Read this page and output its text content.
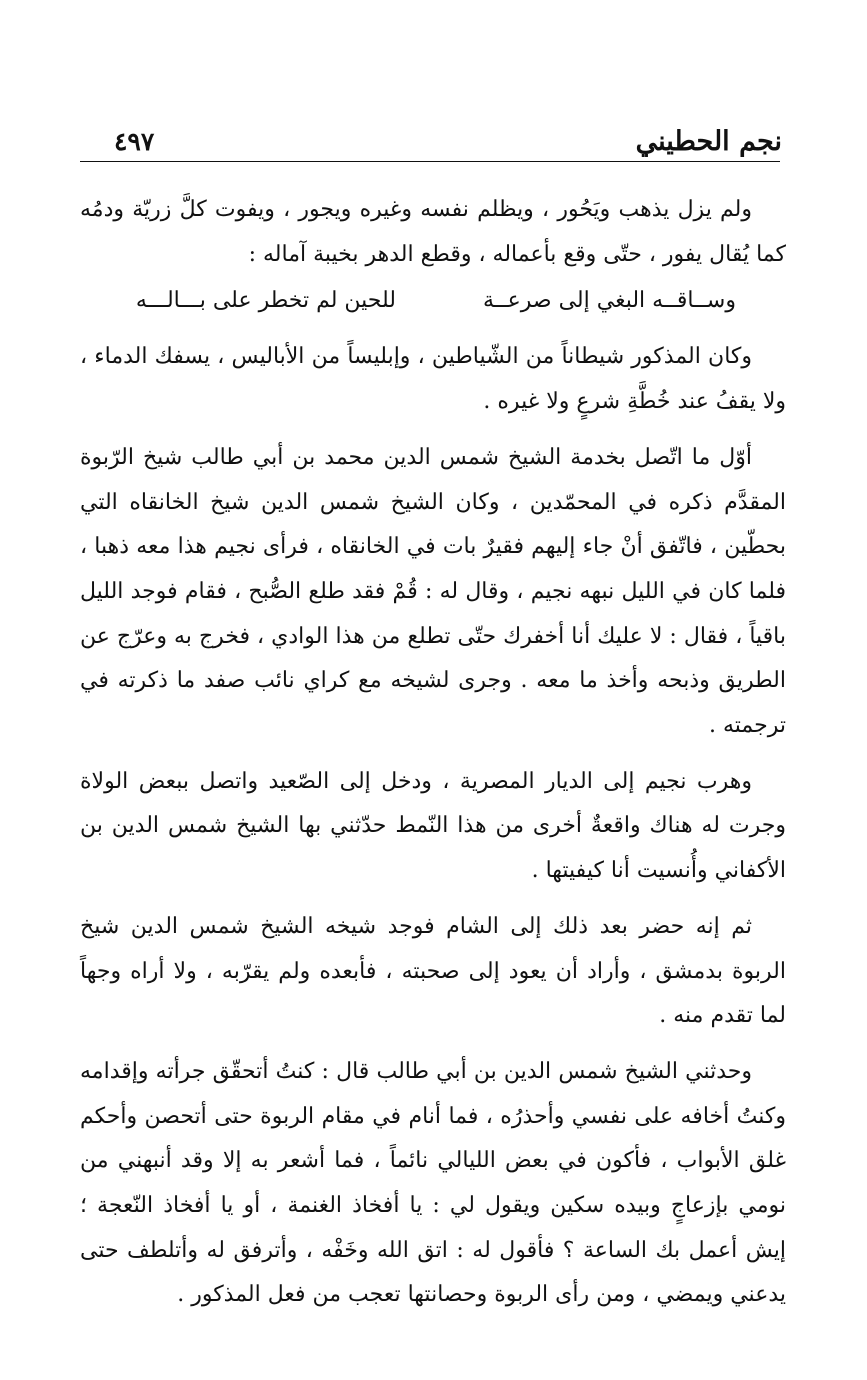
نجم الحطيني
٤٩٧

ولم يزل يذهب ويَحُور ، ويظلم نفسه وغيره ويجور ، ويفوت كلَّ زريّة ودمُه كما يُقال يفور ، حتّى وقع بأعماله ، وقطع الدهر بخيبة آماله :

وســاقــه البغي إلى صرعــة
للحين لم تخطر على بـــالـــه

وكان المذكور شيطاناً من الشّياطين ، وإبليساً من الأباليس ، يسفك الدماء ، ولا يقفُ عند خُطَّةِ شرعٍ ولا غيره .

أوّل ما اتّصل بخدمة الشيخ شمس الدين محمد بن أبي طالب شيخ الرّبوة المقدَّم ذكره في المحمّدين ، وكان الشيخ شمس الدين شيخ الخانقاه التي بحطّين ، فاتّفق أنْ جاء إليهم فقيرٌ بات في الخانقاه ، فرأى نجيم هذا معه ذهبا ، فلما كان في الليل نبهه نجيم ، وقال له : قُمْ فقد طلع الصُّبح ، فقام فوجد الليل باقياً ، فقال : لا عليك أنا أخفرك حتّى تطلع من هذا الوادي ، فخرج به وعرّج عن الطريق وذبحه وأخذ ما معه . وجرى لشيخه مع كراي نائب صفد ما ذكرته في ترجمته .

وهرب نجيم إلى الديار المصرية ، ودخل إلى الصّعيد واتصل ببعض الولاة وجرت له هناك واقعةٌ أخرى من هذا النّمط حدّثني بها الشيخ شمس الدين بن الأكفاني وأُنسيت أنا كيفيتها .

ثم إنه حضر بعد ذلك إلى الشام فوجد شيخه الشيخ شمس الدين شيخ الربوة بدمشق ، وأراد أن يعود إلى صحبته ، فأبعده ولم يقرّبه ، ولا أراه وجهاً لما تقدم منه .

وحدثني الشيخ شمس الدين بن أبي طالب قال : كنتُ أتحقّق جرأته وإقدامه وكنتُ أخافه على نفسي وأحذرُه ، فما أنام في مقام الربوة حتى أتحصن وأحكم غلق الأبواب ، فأكون في بعض الليالي نائماً ، فما أشعر به إلا وقد أنبهني من نومي بإزعاجٍ وبيده سكين ويقول لي : يا أفخاذ الغنمة ، أو يا أفخاذ النّعجة ؛ إيش أعمل بك الساعة ؟ فأقول له : اتق الله وخَفْه ، وأترفق له وأتلطف حتى يدعني ويمضي ، ومن رأى الربوة وحصانتها تعجب من فعل المذكور .
